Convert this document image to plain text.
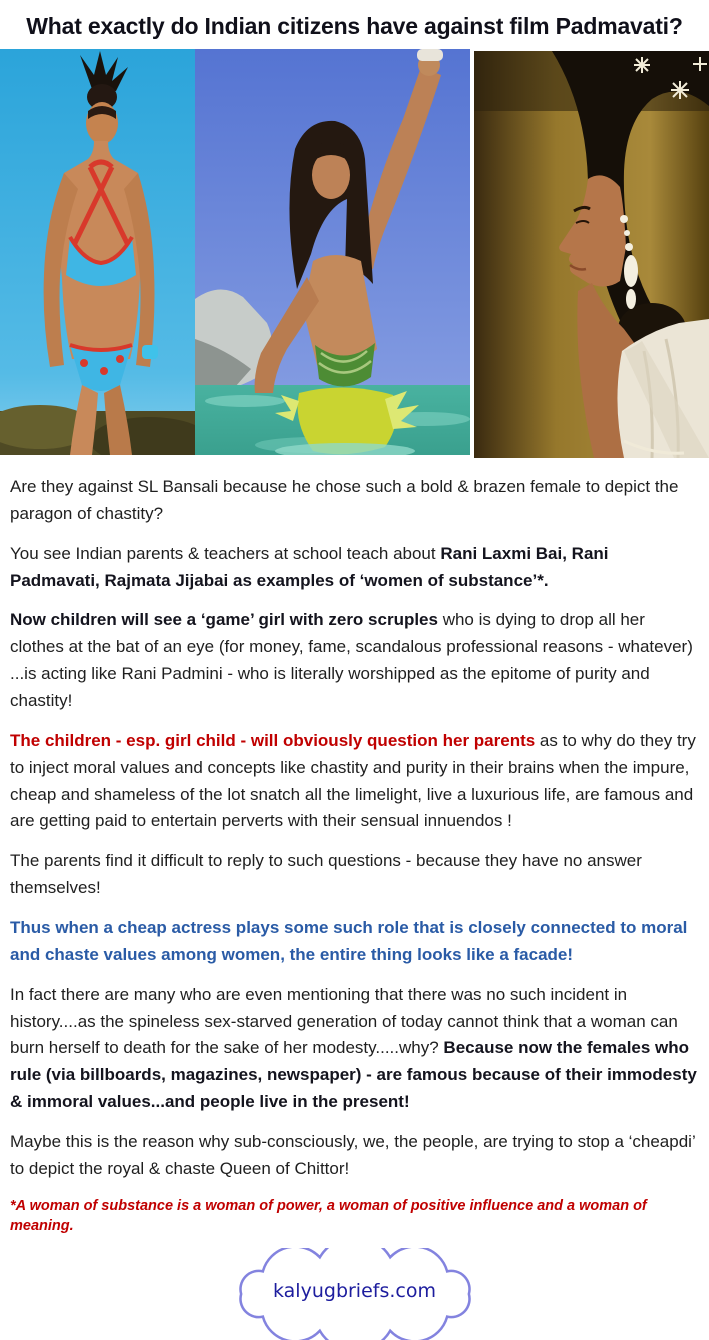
What exactly do Indian citizens have against film Padmavati?

Are they against SL Bansali because he chose such a bold & brazen female to depict the paragon of chastity?

You see Indian parents & teachers at school teach about Rani Laxmi Bai, Rani Padmavati, Rajmata Jijabai as examples of ‘women of substance’*.

Now children will see a ‘game’ girl with zero scruples who is dying to drop all her clothes at the bat of an eye (for money, fame, scandalous professional reasons - whatever) ...is acting like Rani Padmini - who is literally worshipped as the epitome of purity and chastity!

The children - esp. girl child - will obviously question her parents as to why do they try to inject moral values and concepts like chastity and purity in their brains when the impure, cheap and shameless of the lot snatch all the limelight, live a luxurious life, are famous and are getting paid to entertain perverts with their sensual innuendos !

The parents find it difficult to reply to such questions - because they have no answer themselves!

Thus when a cheap actress plays some such role that is closely connected to moral and chaste values among women, the entire thing looks like a facade!

In fact there are many who are even mentioning that there was no such incident in history....as the spineless sex-starved generation of today cannot think that a woman can burn herself to death for the sake of her modesty.....why? Because now the females who rule (via billboards, magazines, newspaper) - are famous because of their immodesty & immoral values...and people live in the present!

Maybe this is the reason why sub-consciously, we, the people, are trying to stop a ‘cheapdi’ to depict the royal & chaste Queen of Chittor!

*A woman of substance is a woman of power, a woman of positive influence and a woman of meaning.

kalyugbriefs.com
